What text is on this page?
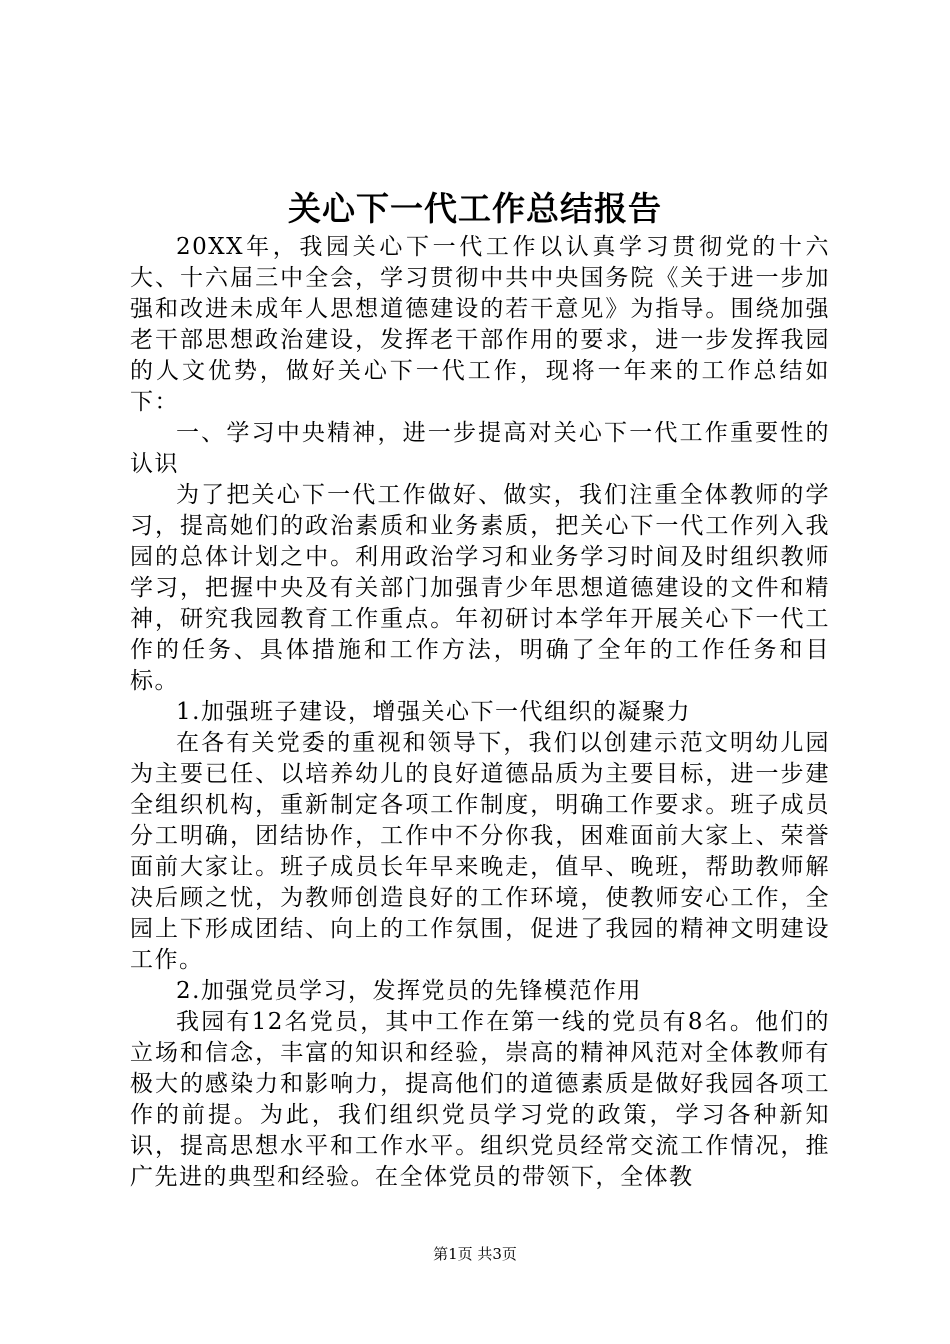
关心下一代工作总结报告

20XX年，我园关心下一代工作以认真学习贯彻党的十六大、十六届三中全会，学习贯彻中共中央国务院《关于进一步加强和改进未成年人思想道德建设的若干意见》为指导。围绕加强老干部思想政治建设，发挥老干部作用的要求，进一步发挥我园的人文优势，做好关心下一代工作，现将一年来的工作总结如下：

一、学习中央精神，进一步提高对关心下一代工作重要性的认识

为了把关心下一代工作做好、做实，我们注重全体教师的学习，提高她们的政治素质和业务素质，把关心下一代工作列入我园的总体计划之中。利用政治学习和业务学习时间及时组织教师学习，把握中央及有关部门加强青少年思想道德建设的文件和精神，研究我园教育工作重点。年初研讨本学年开展关心下一代工作的任务、具体措施和工作方法，明确了全年的工作任务和目标。

1.加强班子建设，增强关心下一代组织的凝聚力

在各有关党委的重视和领导下，我们以创建示范文明幼儿园为主要已任、以培养幼儿的良好道德品质为主要目标，进一步建全组织机构，重新制定各项工作制度，明确工作要求。班子成员分工明确，团结协作，工作中不分你我，困难面前大家上、荣誉面前大家让。班子成员长年早来晚走，值早、晚班，帮助教师解决后顾之忧，为教师创造良好的工作环境，使教师安心工作，全园上下形成团结、向上的工作氛围，促进了我园的精神文明建设工作。

2.加强党员学习，发挥党员的先锋模范作用

我园有12名党员，其中工作在第一线的党员有8名。他们的立场和信念，丰富的知识和经验，崇高的精神风范对全体教师有极大的感染力和影响力，提高他们的道德素质是做好我园各项工作的前提。为此，我们组织党员学习党的政策，学习各种新知识，提高思想水平和工作水平。组织党员经常交流工作情况，推广先进的典型和经验。在全体党员的带领下，全体教

第1页 共3页
